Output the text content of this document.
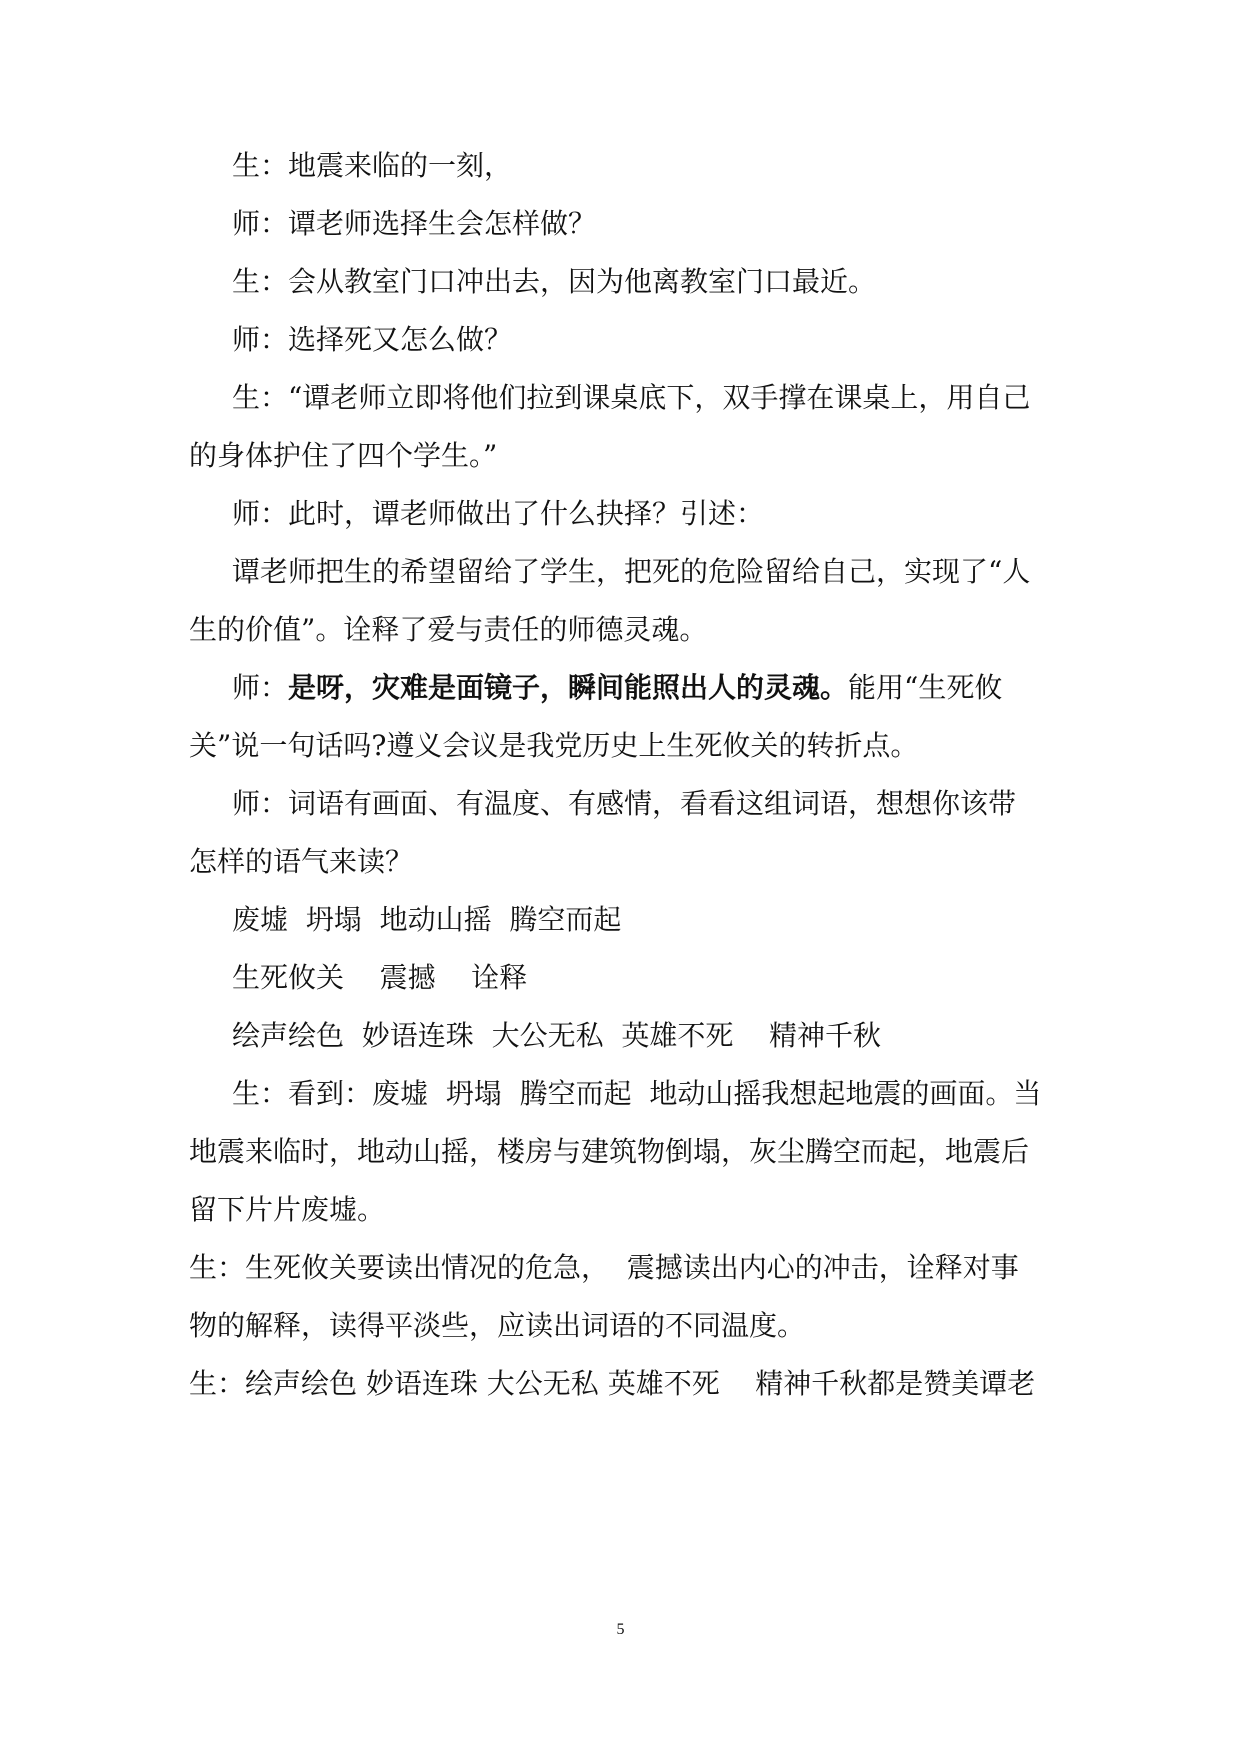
生：地震来临的一刻，
师：谭老师选择生会怎样做？
生：会从教室门口冲出去，因为他离教室门口最近。
师：选择死又怎么做？
生：“谭老师立即将他们拉到课桌底下，双手撑在课桌上，用自己
的身体护住了四个学生。”
师：此时，谭老师做出了什么抉择？引述：
谭老师把生的希望留给了学生，把死的危险留给自己，实现了“人
生的价值”。诠释了爱与责任的师德灵魂。
师：是呀，灾难是面镜子，瞬间能照出人的灵魂。能用“生死攸
关”说一句话吗?遵义会议是我党历史上生死攸关的转折点。
师：词语有画面、有温度、有感情，看看这组词语，想想你该带
怎样的语气来读？
废墟  坍塌  地动山摇  腾空而起
生死攸关    震撼    诠释
绘声绘色  妙语连珠  大公无私  英雄不死    精神千秋
生：看到：废墟  坍塌  腾空而起  地动山摇我想起地震的画面。当
地震来临时，地动山摇，楼房与建筑物倒塌，灰尘腾空而起，地震后
留下片片废墟。
生：生死攸关要读出情况的危急，  震撼读出内心的冲击，诠释对事
物的解释，读得平淡些，应读出词语的不同温度。
生：绘声绘色 妙语连珠 大公无私 英雄不死    精神千秋都是赞美谭老
5
